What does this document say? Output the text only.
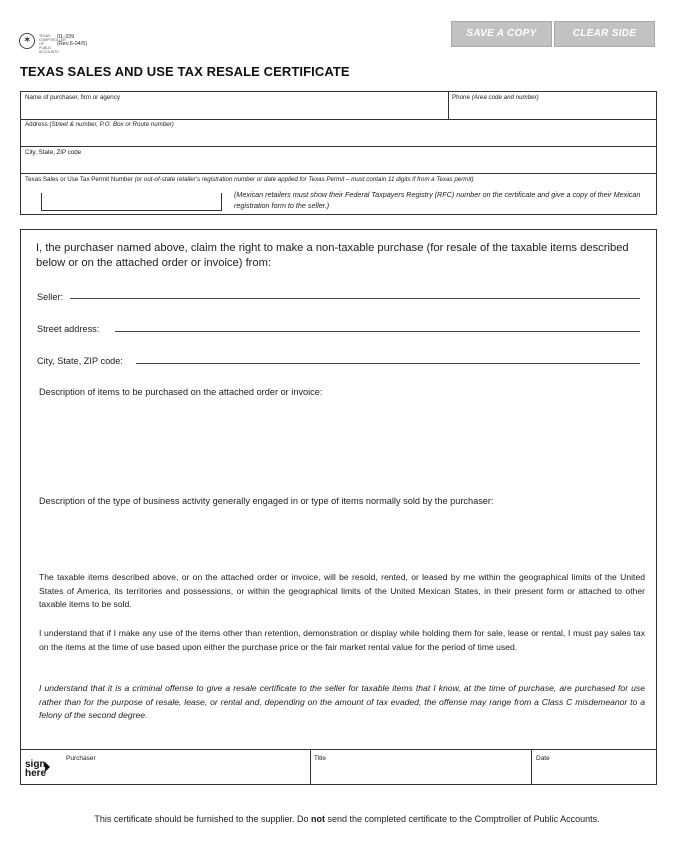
✶ TEXAS
COMPTROLLER
OF PUBLIC
ACCOUNTS
01-339
(Rev.6-04/5)
SAVE A COPY	CLEAR SIDE
TEXAS SALES AND USE TAX RESALE CERTIFICATE
Name of purchaser, firm or agency	Phone (Area code and number)
Address (Street & number, P.O. Box or Route number)
City, State, ZIP code
Texas Sales or Use Tax Permit Number (or out-of-state retailer's registration number or date applied for Texas Permit – must contain 11 digits if from a Texas permit)
(Mexican retailers must show their Federal Taxpayers Registry (RFC) number on the certificate and give a copy of their Mexican registration form to the seller.)
I, the purchaser named above, claim the right to make a non-taxable purchase (for resale of the taxable items described below or on the attached order or invoice) from:
Seller:
Street address:
City, State, ZIP code:
Description of items to be purchased on the attached order or invoice:
Description of the type of business activity generally engaged in or type of items normally sold by the purchaser:
The taxable items described above, or on the attached order or invoice, will be resold, rented, or leased by me within the geographical limits of the United States of America, its territories and possessions, or within the geographical limits of the United Mexican States, in their present form or attached to other taxable items to be sold.
I understand that if I make any use of the items other than retention, demonstration or display while holding them for sale, lease or rental, I must pay sales tax on the items at the time of use based upon either the purchase price or the fair market rental value for the period of time used.
I understand that it is a criminal offense to give a resale certificate to the seller for taxable items that I know, at the time of purchase, are purchased for use rather than for the purpose of resale, lease, or rental and, depending on the amount of tax evaded, the offense may range from a Class C misdemeanor to a felony of the second degree.
sign
here
Purchaser	Title	Date
This certificate should be furnished to the supplier. Do not send the completed certificate to the Comptroller of Public Accounts.
